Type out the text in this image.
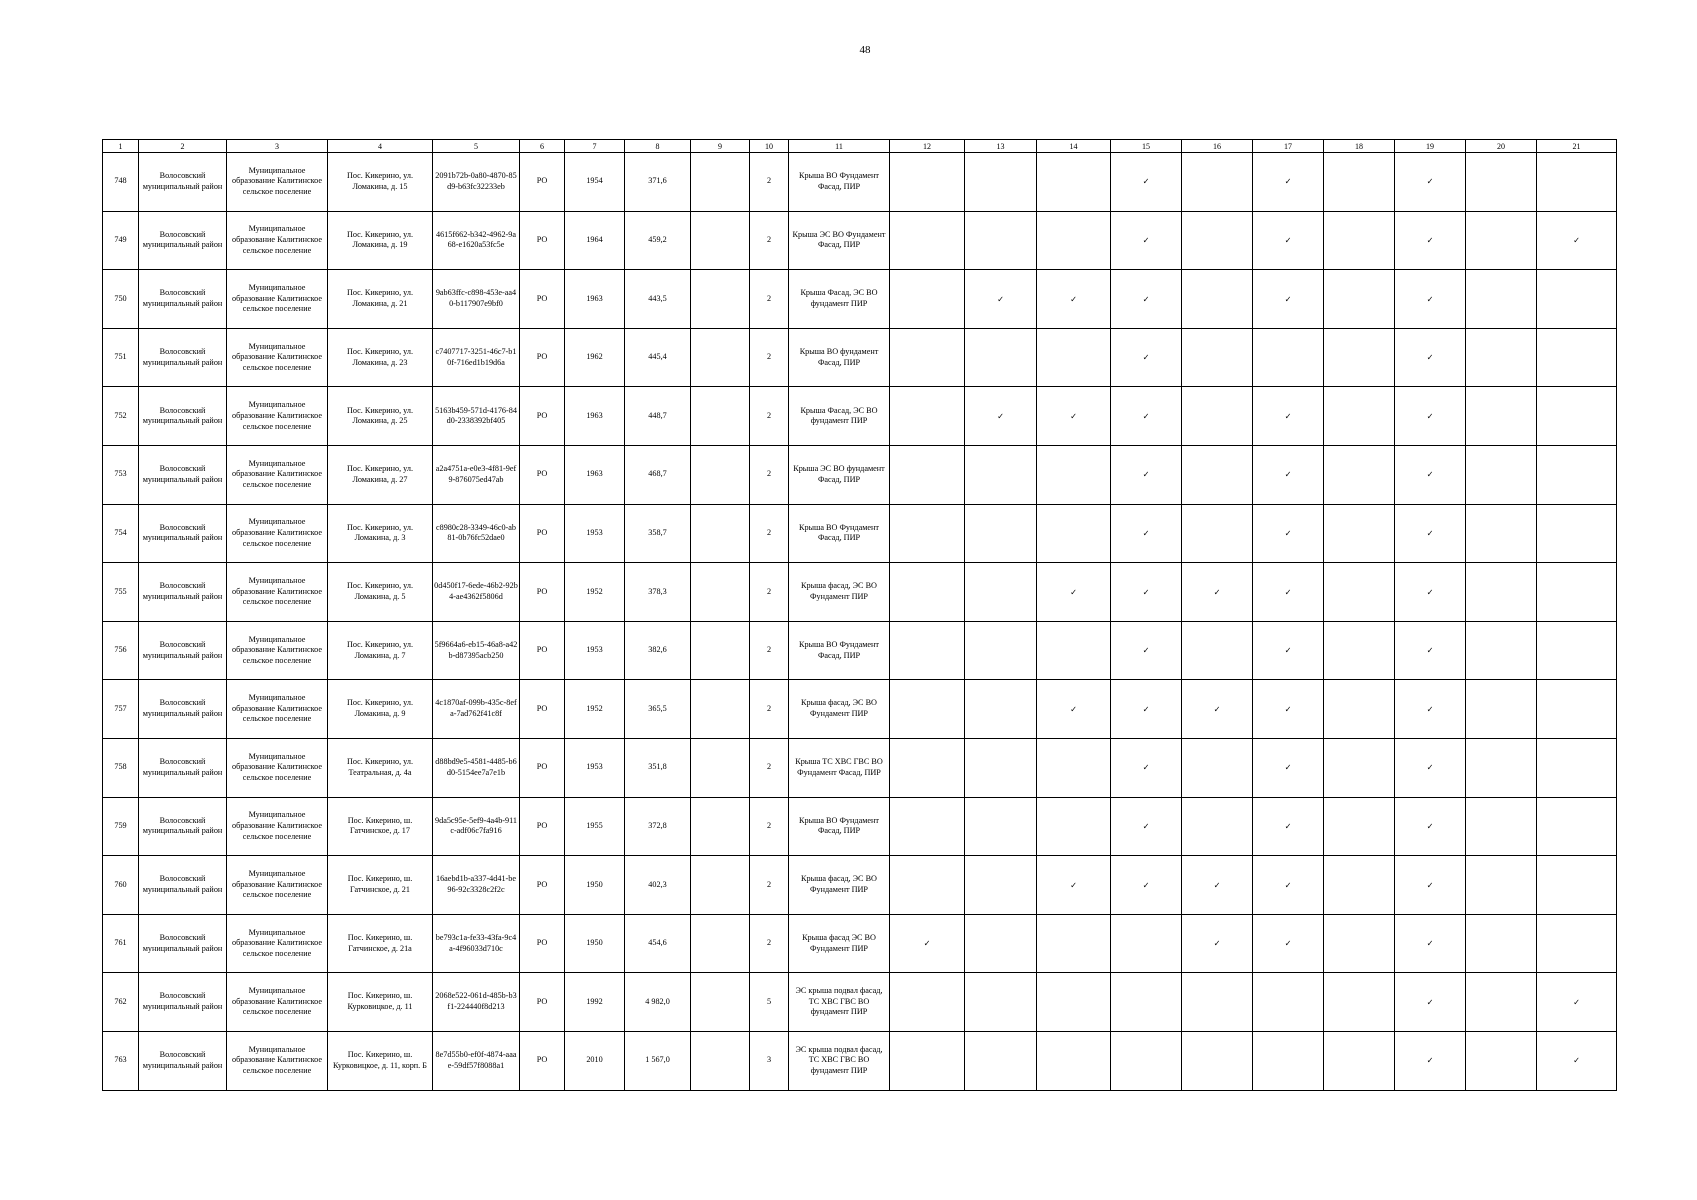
48
1	2	3	4	5	6	7	8	9	10	11	12	13	14	15	16	17	18	19	20	21
748	Волосовский муниципальный район	Муниципальное образование Калитинское сельское поселение	Пос. Кикерино, ул. Ломакина, д. 15	2091b72b-0a80-4870-85d9-b63fc32233eb	РО	1954	371,6		2	Крыша ВО Фундамент Фасад, ПИР				✓		✓		✓		
749	Волосовский муниципальный район	Муниципальное образование Калитинское сельское поселение	Пос. Кикерино, ул. Ломакина, д. 19	4615f662-b342-4962-9a68-e1620a53fc5e	РО	1964	459,2		2	Крыша ЭС ВО Фундамент Фасад, ПИР				✓		✓		✓		✓
750	Волосовский муниципальный район	Муниципальное образование Калитинское сельское поселение	Пос. Кикерино, ул. Ломакина, д. 21	9ab63ffc-c898-453e-aa40-b117907e9bf0	РО	1963	443,5		2	Крыша Фасад, ЭС ВО фундамент ПИР		✓	✓	✓		✓		✓		
751	Волосовский муниципальный район	Муниципальное образование Калитинское сельское поселение	Пос. Кикерино, ул. Ломакина, д. 23	c7407717-3251-46c7-b10f-716ed1b19d6a	РО	1962	445,4		2	Крыша ВО фундамент Фасад, ПИР				✓				✓		
752	Волосовский муниципальный район	Муниципальное образование Калитинское сельское поселение	Пос. Кикерино, ул. Ломакина, д. 25	5163b459-571d-4176-84d0-2338392bf405	РО	1963	448,7		2	Крыша Фасад, ЭС ВО фундамент ПИР		✓	✓	✓		✓		✓		
753	Волосовский муниципальный район	Муниципальное образование Калитинское сельское поселение	Пос. Кикерино, ул. Ломакина, д. 27	a2a4751a-e0e3-4f81-9ef9-876075ed47ab	РО	1963	468,7		2	Крыша ЭС ВО фундамент Фасад, ПИР				✓		✓		✓		
754	Волосовский муниципальный район	Муниципальное образование Калитинское сельское поселение	Пос. Кикерино, ул. Ломакина, д. 3	c8980c28-3349-46c0-ab81-0b76fc52dae0	РО	1953	358,7		2	Крыша ВО Фундамент Фасад, ПИР				✓		✓		✓		
755	Волосовский муниципальный район	Муниципальное образование Калитинское сельское поселение	Пос. Кикерино, ул. Ломакина, д. 5	0d450f17-6ede-46b2-92b4-ae4362f5806d	РО	1952	378,3		2	Крыша фасад, ЭС ВО Фундамент ПИР			✓	✓	✓	✓		✓		
756	Волосовский муниципальный район	Муниципальное образование Калитинское сельское поселение	Пос. Кикерино, ул. Ломакина, д. 7	5f9664a6-eb15-46a8-a42b-d87395acb250	РО	1953	382,6		2	Крыша ВО Фундамент Фасад, ПИР				✓		✓		✓		
757	Волосовский муниципальный район	Муниципальное образование Калитинское сельское поселение	Пос. Кикерино, ул. Ломакина, д. 9	4c1870af-099b-435c-8efa-7ad762f41c8f	РО	1952	365,5		2	Крыша фасад, ЭС ВО Фундамент ПИР			✓	✓	✓	✓		✓		
758	Волосовский муниципальный район	Муниципальное образование Калитинское сельское поселение	Пос. Кикерино, ул. Театральная, д. 4а	d88bd9e5-4581-4485-b6d0-5154ee7a7e1b	РО	1953	351,8		2	Крыша ТС ХВС ГВС ВО Фундамент Фасад, ПИР				✓		✓		✓		
759	Волосовский муниципальный район	Муниципальное образование Калитинское сельское поселение	Пос. Кикерино, ш. Гатчинское, д. 17	9da5c95e-5ef9-4a4b-911c-adf06c7fa916	РО	1955	372,8		2	Крыша ВО Фундамент Фасад, ПИР				✓		✓		✓		
760	Волосовский муниципальный район	Муниципальное образование Калитинское сельское поселение	Пос. Кикерино, ш. Гатчинское, д. 21	16aebd1b-a337-4d41-be96-92c3328c2f2c	РО	1950	402,3		2	Крыша фасад, ЭС ВО Фундамент ПИР			✓	✓	✓	✓		✓		
761	Волосовский муниципальный район	Муниципальное образование Калитинское сельское поселение	Пос. Кикерино, ш. Гатчинское, д. 21а	be793c1a-fe33-43fa-9c4a-4f96033d710c	РО	1950	454,6		2	Крыша фасад ЭС ВО Фундамент ПИР	✓				✓	✓		✓		
762	Волосовский муниципальный район	Муниципальное образование Калитинское сельское поселение	Пос. Кикерино, ш. Курковицкое, д. 11	2068e522-061d-485b-b3f1-224440f8d213	РО	1992	4 982,0		5	ЭС крыша подвал фасад, ТС ХВС ГВС ВО фундамент ПИР								✓		✓
763	Волосовский муниципальный район	Муниципальное образование Калитинское сельское поселение	Пос. Кикерино, ш. Курковицкое, д. 11, корп. Б	8e7d55b0-ef0f-4874-aaae-59df57f8088a1	РО	2010	1 567,0		3	ЭС крыша подвал фасад, ТС ХВС ГВС ВО фундамент ПИР								✓		✓
